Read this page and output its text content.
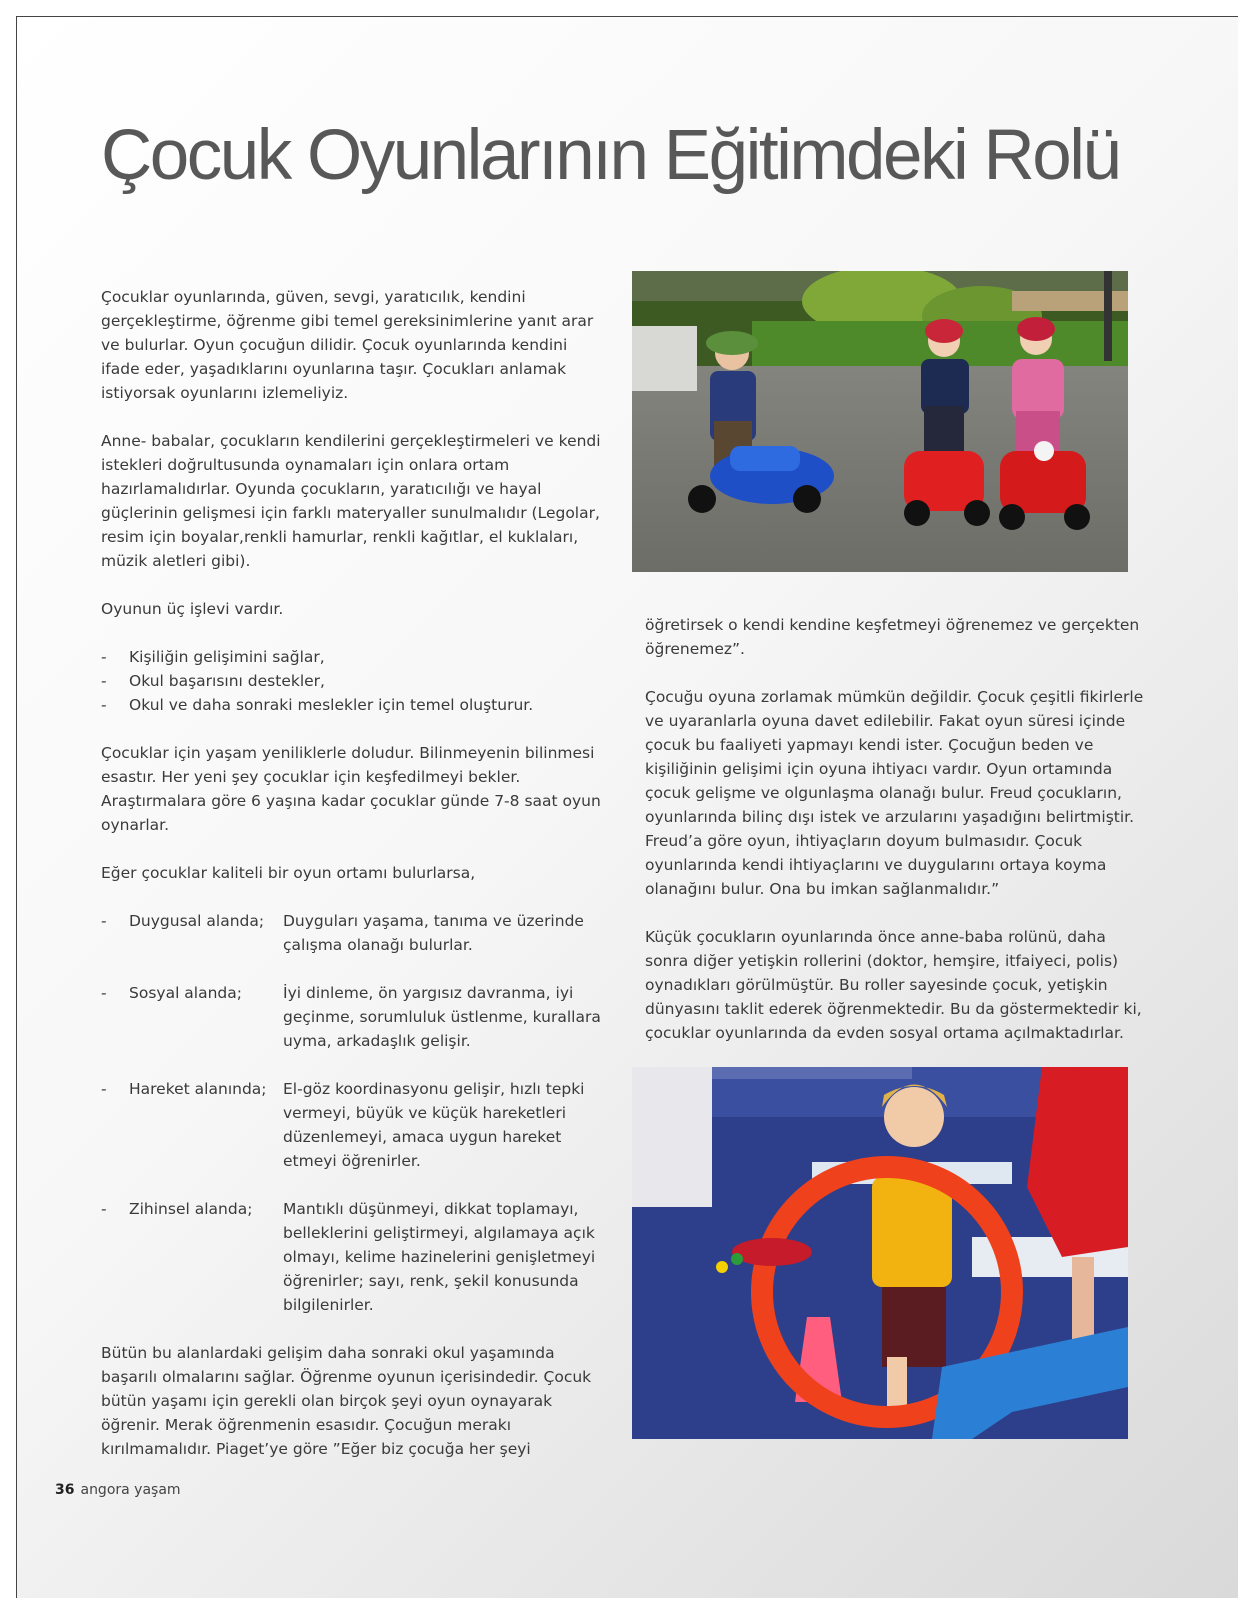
Çocuk Oyunlarının Eğitimdeki Rolü

Çocuklar oyunlarında, güven, sevgi, yaratıcılık, kendini gerçekleştirme, öğrenme gibi temel gereksinimlerine yanıt arar ve bulurlar. Oyun çocuğun dilidir. Çocuk oyunlarında kendini ifade eder, yaşadıklarını oyunlarına taşır. Çocukları anlamak istiyorsak oyunlarını izlemeliyiz.

Anne- babalar, çocukların kendilerini gerçekleştirmeleri ve kendi istekleri doğrultusunda oynamaları için onlara ortam hazırlamalıdırlar. Oyunda çocukların, yaratıcılığı ve hayal güçlerinin gelişmesi için farklı materyaller sunulmalıdır (Legolar, resim için boyalar,renkli hamurlar, renkli kağıtlar, el kuklaları, müzik aletleri gibi).

Oyunun üç işlevi vardır.

- Kişiliğin gelişimini sağlar,
- Okul başarısını destekler,
- Okul ve daha sonraki meslekler için temel oluşturur.

Çocuklar için yaşam yeniliklerle doludur. Bilinmeyenin bilinmesi esastır. Her yeni şey çocuklar için keşfedilmeyi bekler. Araştırmalara göre 6 yaşına kadar çocuklar günde 7-8 saat oyun oynarlar.

Eğer çocuklar kaliteli bir oyun ortamı bulurlarsa,

- Duygusal alanda; Duyguları yaşama, tanıma ve üzerinde çalışma olanağı bulurlar.
- Sosyal alanda;	İyi dinleme, ön yargısız davranma, iyi geçinme, sorumluluk üstlenme, kurallara uyma, arkadaşlık gelişir.
- Hareket alanında; El-göz koordinasyonu gelişir, hızlı tepki vermeyi, büyük ve küçük hareketleri düzenlemeyi, amaca uygun hareket etmeyi öğrenirler.
- Zihinsel alanda; Mantıklı düşünmeyi, dikkat toplamayı, belleklerini geliştirmeyi, algılamaya açık olmayı, kelime hazinelerini genişletmeyi öğrenirler; sayı, renk, şekil konusunda bilgilenirler.

Bütün bu alanlardaki gelişim daha sonraki okul yaşamında başarılı olmalarını sağlar. Öğrenme oyunun içerisindedir. Çocuk bütün yaşamı için gerekli olan birçok şeyi oyun oynayarak öğrenir. Merak öğrenmenin esasıdır. Çocuğun merakı kırılmamalıdır. Piaget’ye göre ”Eğer biz çocuğa her şeyi

öğretirsek o kendi kendine keşfetmeyi öğrenemez ve gerçekten öğrenemez”.

Çocuğu oyuna zorlamak mümkün değildir. Çocuk çeşitli fikirlerle ve uyaranlarla oyuna davet edilebilir. Fakat oyun süresi içinde çocuk bu faaliyeti yapmayı kendi ister. Çocuğun beden ve kişiliğinin gelişimi için oyuna ihtiyacı vardır. Oyun ortamında çocuk gelişme ve olgunlaşma olanağı bulur. Freud çocukların, oyunlarında bilinç dışı istek ve arzularını yaşadığını belirtmiştir. Freud’a göre oyun, ihtiyaçların doyum bulmasıdır. Çocuk oyunlarında kendi ihtiyaçlarını ve duygularını ortaya koyma olanağını bulur. Ona bu imkan sağlanmalıdır.”

Küçük çocukların oyunlarında önce anne-baba rolünü, daha sonra diğer yetişkin rollerini (doktor, hemşire, itfaiyeci, polis) oynadıkları görülmüştür. Bu roller sayesinde çocuk, yetişkin dünyasını taklit ederek öğrenmektedir. Bu da göstermektedir ki, çocuklar oyunlarında da evden sosyal ortama açılmaktadırlar.

36 angora yaşam
